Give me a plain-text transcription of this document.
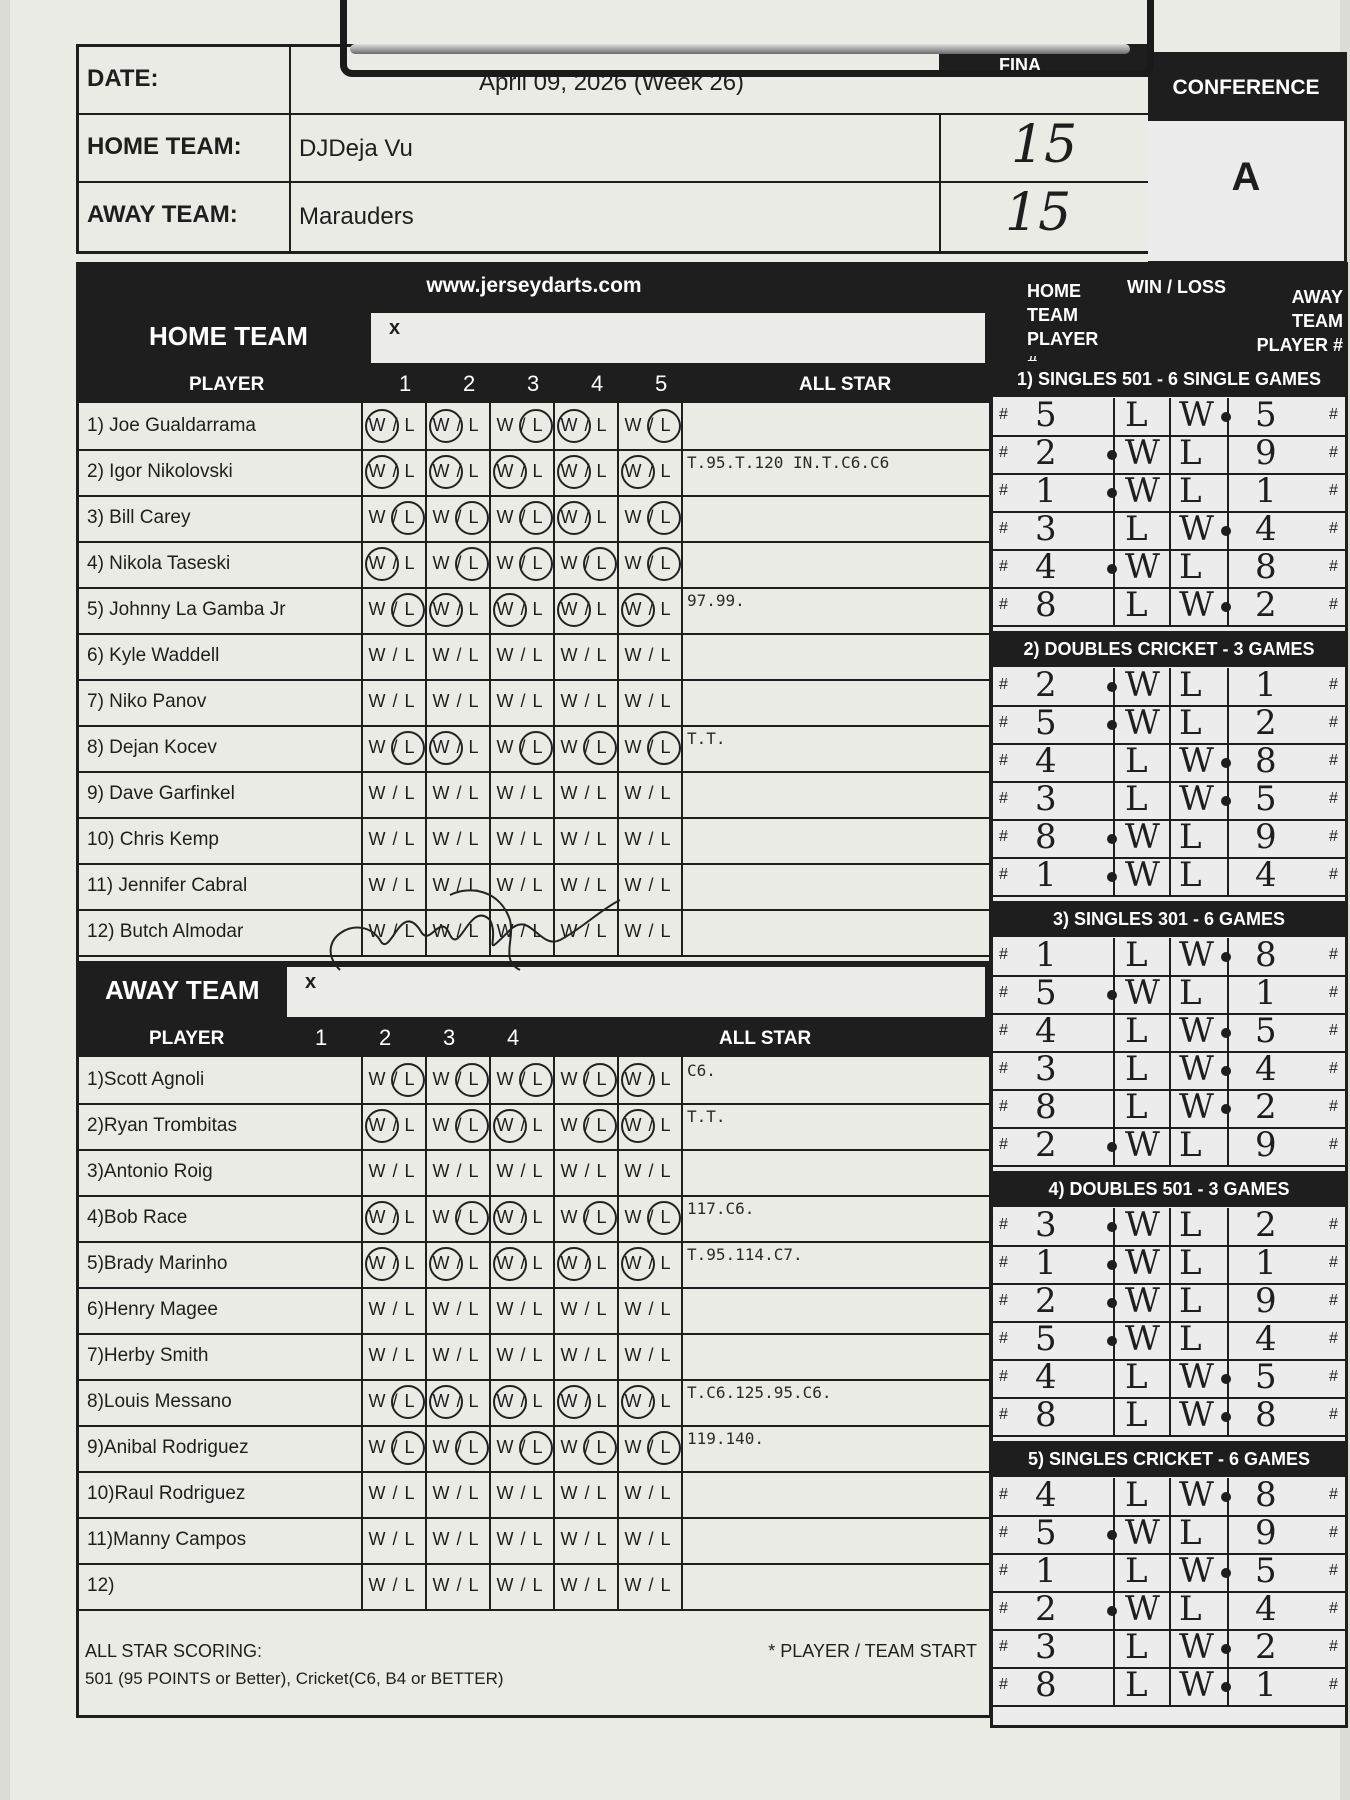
DATE:	April 09, 2026 (Week 26)
FINA
HOME TEAM: DJDeja Vu
AWAY TEAM:	Marauders
15
15
CONFERENCE
A
www.jerseydarts.com
HOME TEAM	x
PLAYER	1 2 3 4 5	ALL STAR
1) Joe Gualdarrama	W / L W / L W / L W / L W / L
2) Igor Nikolovski	W / L W / L W / L W / L W / L T.95.T.120 IN.T.C6.C6
3) Bill Carey	W / L W / L W / L W / L W / L
4) Nikola Taseski	W / L W / L W / L W / L W / L
5) Johnny La Gamba Jr	W / L W / L W / L W / L W / L 97.99.
6) Kyle Waddell	W / L W / L W / L W / L W / L
7) Niko Panov	W / L W / L W / L W / L W / L
8) Dejan Kocev	W / L W / L W / L W / L W / L T.T.
9) Dave Garfinkel	W / L W / L W / L W / L W / L
10) Chris Kemp	W / L W / L W / L W / L W / L
11) Jennifer Cabral	W / L W / L W / L W / L W / L
12) Butch Almodar	W / L W / L W / L W / L W / L
AWAY TEAM x
PLAYER	1 2 3 4	ALL STAR
1)Scott Agnoli	W / L W / L W / L W / L W / L C6.
2)Ryan Trombitas	W / L W / L W / L W / L W / L T.T.
3)Antonio Roig	W / L W / L W / L W / L W / L
4)Bob Race	W / L W / L W / L W / L W / L 117.C6.
5)Brady Marinho	W / L W / L W / L W / L W / L T.95.114.C7.
6)Henry Magee	W / L W / L W / L W / L W / L
7)Herby Smith	W / L W / L W / L W / L W / L
8)Louis Messano	W / L W / L W / L W / L W / L T.C6.125.95.C6.
9)Anibal Rodriguez	W / L W / L W / L W / L W / L 119.140.
10)Raul Rodriguez	W / L W / L W / L W / L W / L
11)Manny Campos	W / L W / L W / L W / L W / L
12)	W / L W / L W / L W / L W / L
ALL STAR SCORING:
501 (95 POINTS or Better), Cricket(C6, B4 or BETTER)
* PLAYER / TEAM START
HOME TEAM PLAYER
WIN / LOSS	AWAY TEAM PLAYER #
1) SINGLES 501 - 6 SINGLE GAMES
#	#
5 L W 5
#	#
2 W L 9
#	#
1 W L 1
#	#
3 L W 4
#	#
4 W L 8
#	#
8 L W 2
2) DOUBLES CRICKET - 3 GAMES
#	#
2 W L 1
#	#
5 W L 2
#	#
4 L W 8
#	#
3 L W 5
#	#
8 W L 9
#	#
1 W L 4
3) SINGLES 301 - 6 GAMES
#	#
1 L W 8
#	#
5 W L 1
#	#
4 L W 5
#	#
3 L W 4
#	#
8 L W 2
#	#
2 W L 9
4) DOUBLES 501 - 3 GAMES
#	#
3 W L 2
#	#
1 W L 1
#	#
2 W L 9
#	#
5 W L 4
#	#
4 L W 5
#	#
8 L W 8
5) SINGLES CRICKET - 6 GAMES
#	#
4 L W 8
#	#
5 W L 9
#	#
1 L W 5
#	#
2 W L 4
#	#
3 L W 2
#	#
8 L W 1
